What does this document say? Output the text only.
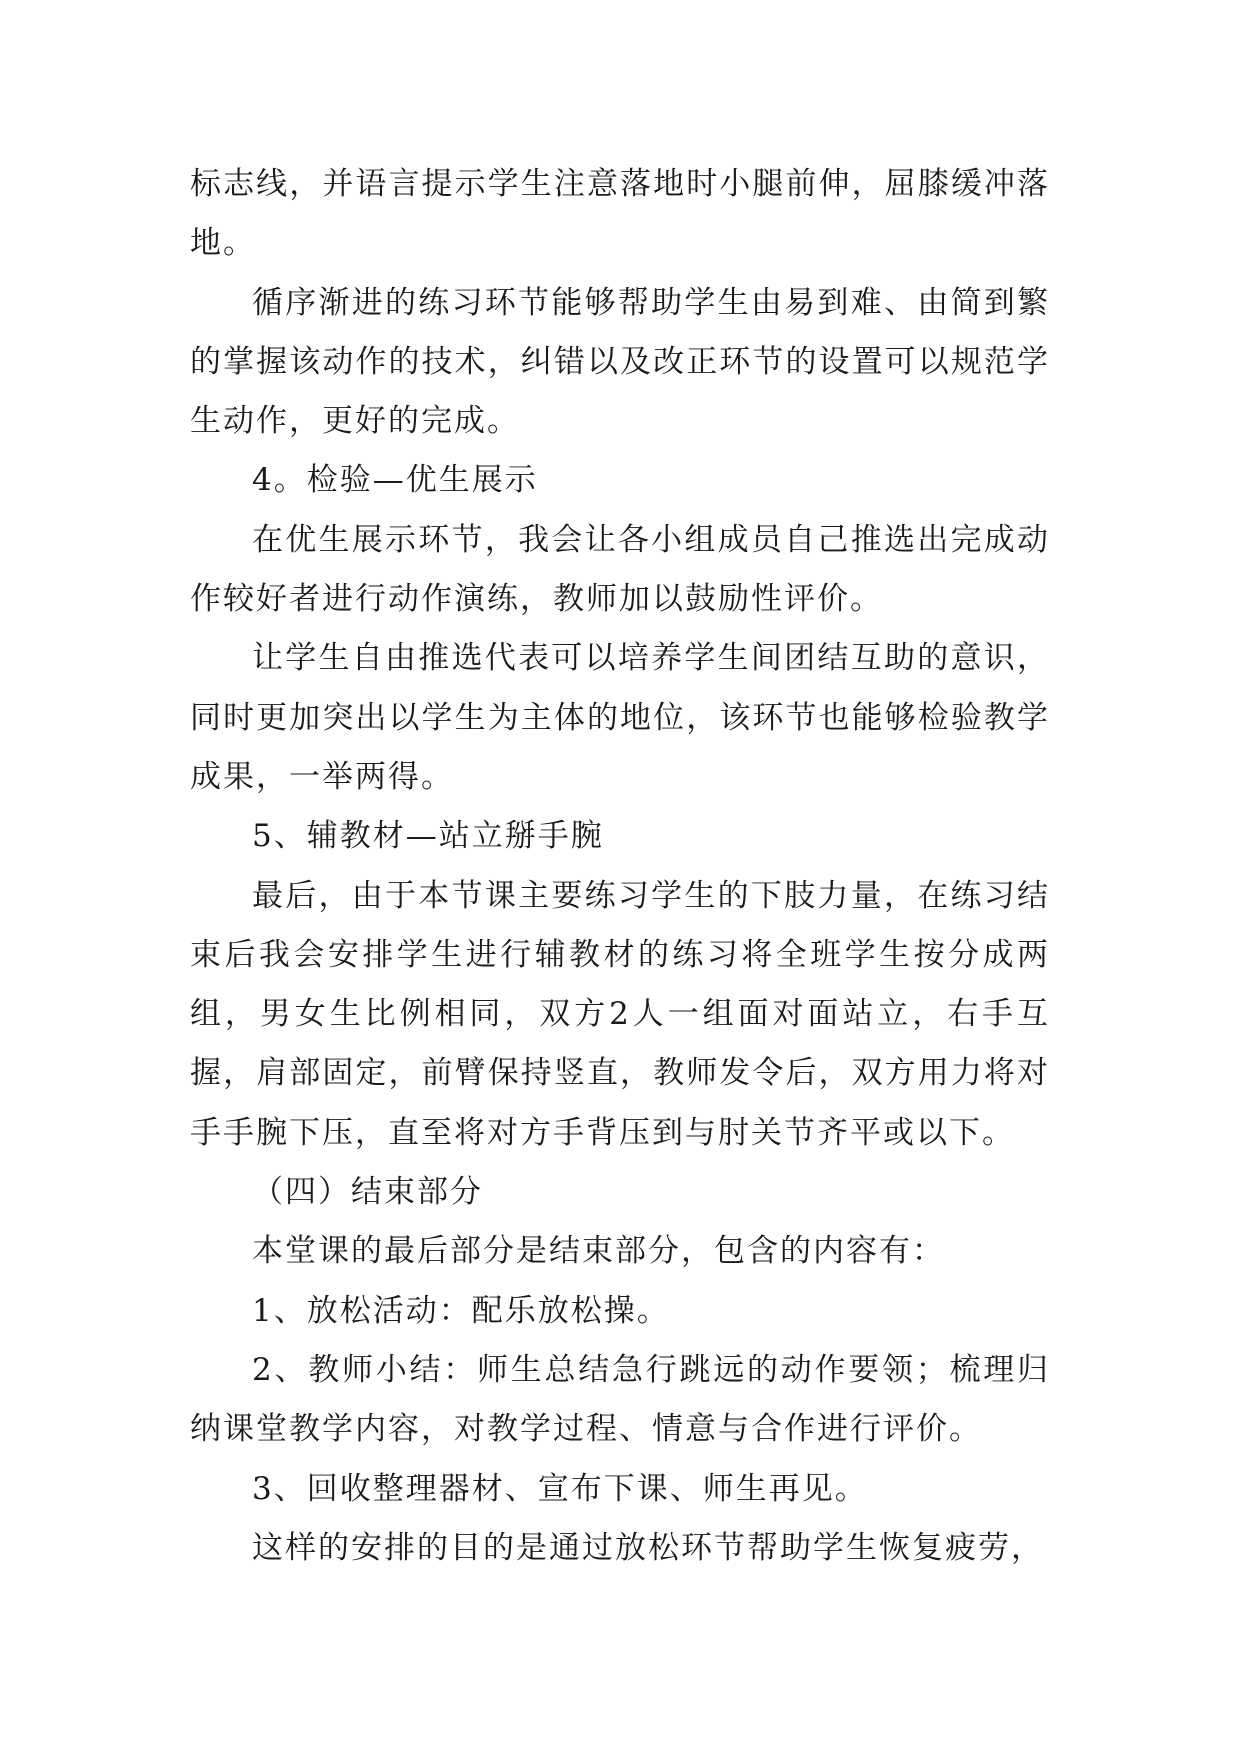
标志线，并语言提示学生注意落地时小腿前伸，屈膝缓冲落地。

循序渐进的练习环节能够帮助学生由易到难、由简到繁的掌握该动作的技术，纠错以及改正环节的设置可以规范学生动作，更好的完成。

4。检验—优生展示

在优生展示环节，我会让各小组成员自己推选出完成动作较好者进行动作演练，教师加以鼓励性评价。

让学生自由推选代表可以培养学生间团结互助的意识，同时更加突出以学生为主体的地位，该环节也能够检验教学成果，一举两得。

5、辅教材—站立掰手腕

最后，由于本节课主要练习学生的下肢力量，在练习结束后我会安排学生进行辅教材的练习将全班学生按分成两组，男女生比例相同，双方2人一组面对面站立，右手互握，肩部固定，前臂保持竖直，教师发令后，双方用力将对手手腕下压，直至将对方手背压到与肘关节齐平或以下。

（四）结束部分

本堂课的最后部分是结束部分，包含的内容有：

1、放松活动：配乐放松操。

2、教师小结：师生总结急行跳远的动作要领；梳理归纳课堂教学内容，对教学过程、情意与合作进行评价。

3、回收整理器材、宣布下课、师生再见。

这样的安排的目的是通过放松环节帮助学生恢复疲劳，
